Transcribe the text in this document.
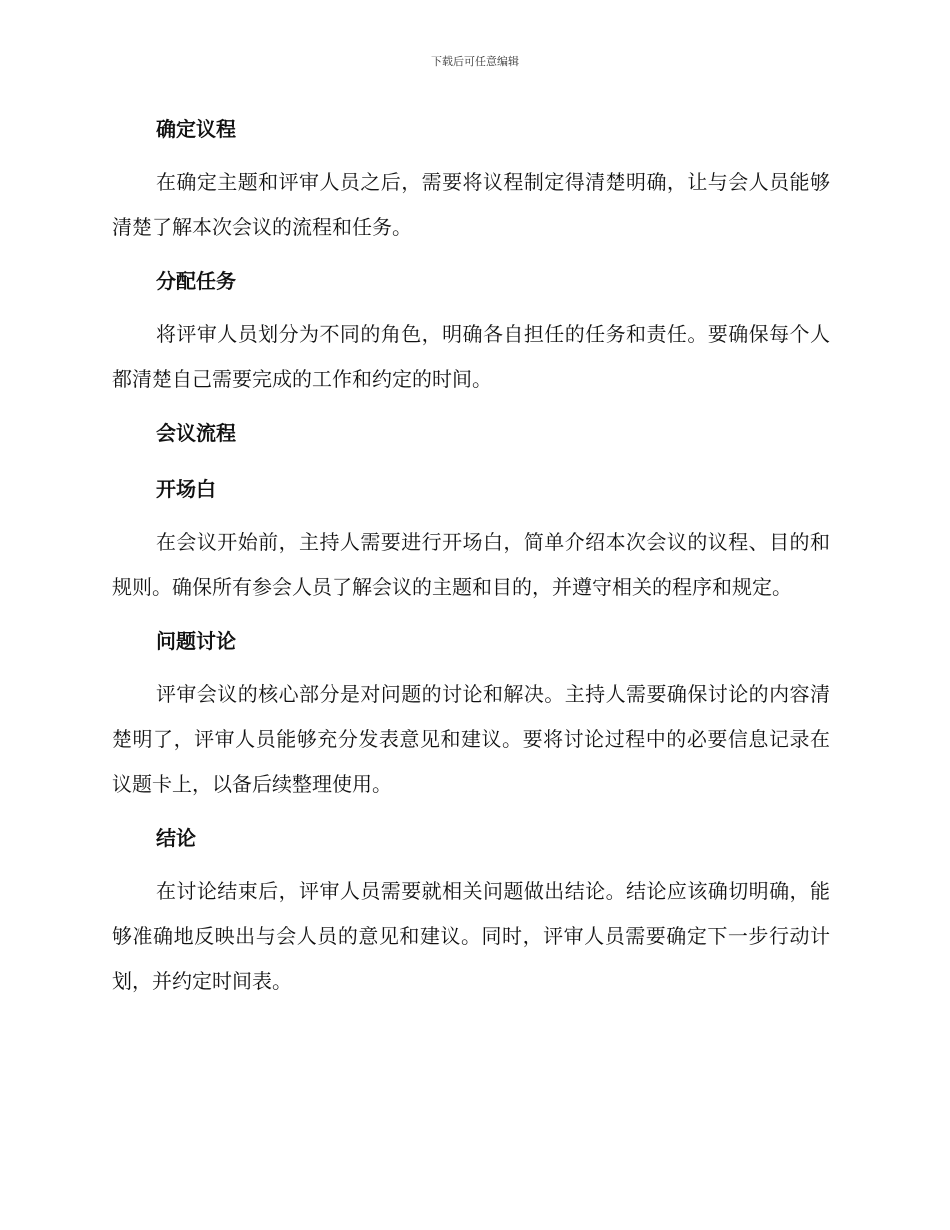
下载后可任意编辑
确定议程

在确定主题和评审人员之后，需要将议程制定得清楚明确，让与会人员能够清楚了解本次会议的流程和任务。

分配任务

将评审人员划分为不同的角色，明确各自担任的任务和责任。要确保每个人都清楚自己需要完成的工作和约定的时间。

会议流程
开场白

在会议开始前，主持人需要进行开场白，简单介绍本次会议的议程、目的和规则。确保所有参会人员了解会议的主题和目的，并遵守相关的程序和规定。

问题讨论

评审会议的核心部分是对问题的讨论和解决。主持人需要确保讨论的内容清楚明了，评审人员能够充分发表意见和建议。要将讨论过程中的必要信息记录在议题卡上，以备后续整理使用。

结论

在讨论结束后，评审人员需要就相关问题做出结论。结论应该确切明确，能够准确地反映出与会人员的意见和建议。同时，评审人员需要确定下一步行动计划，并约定时间表。
